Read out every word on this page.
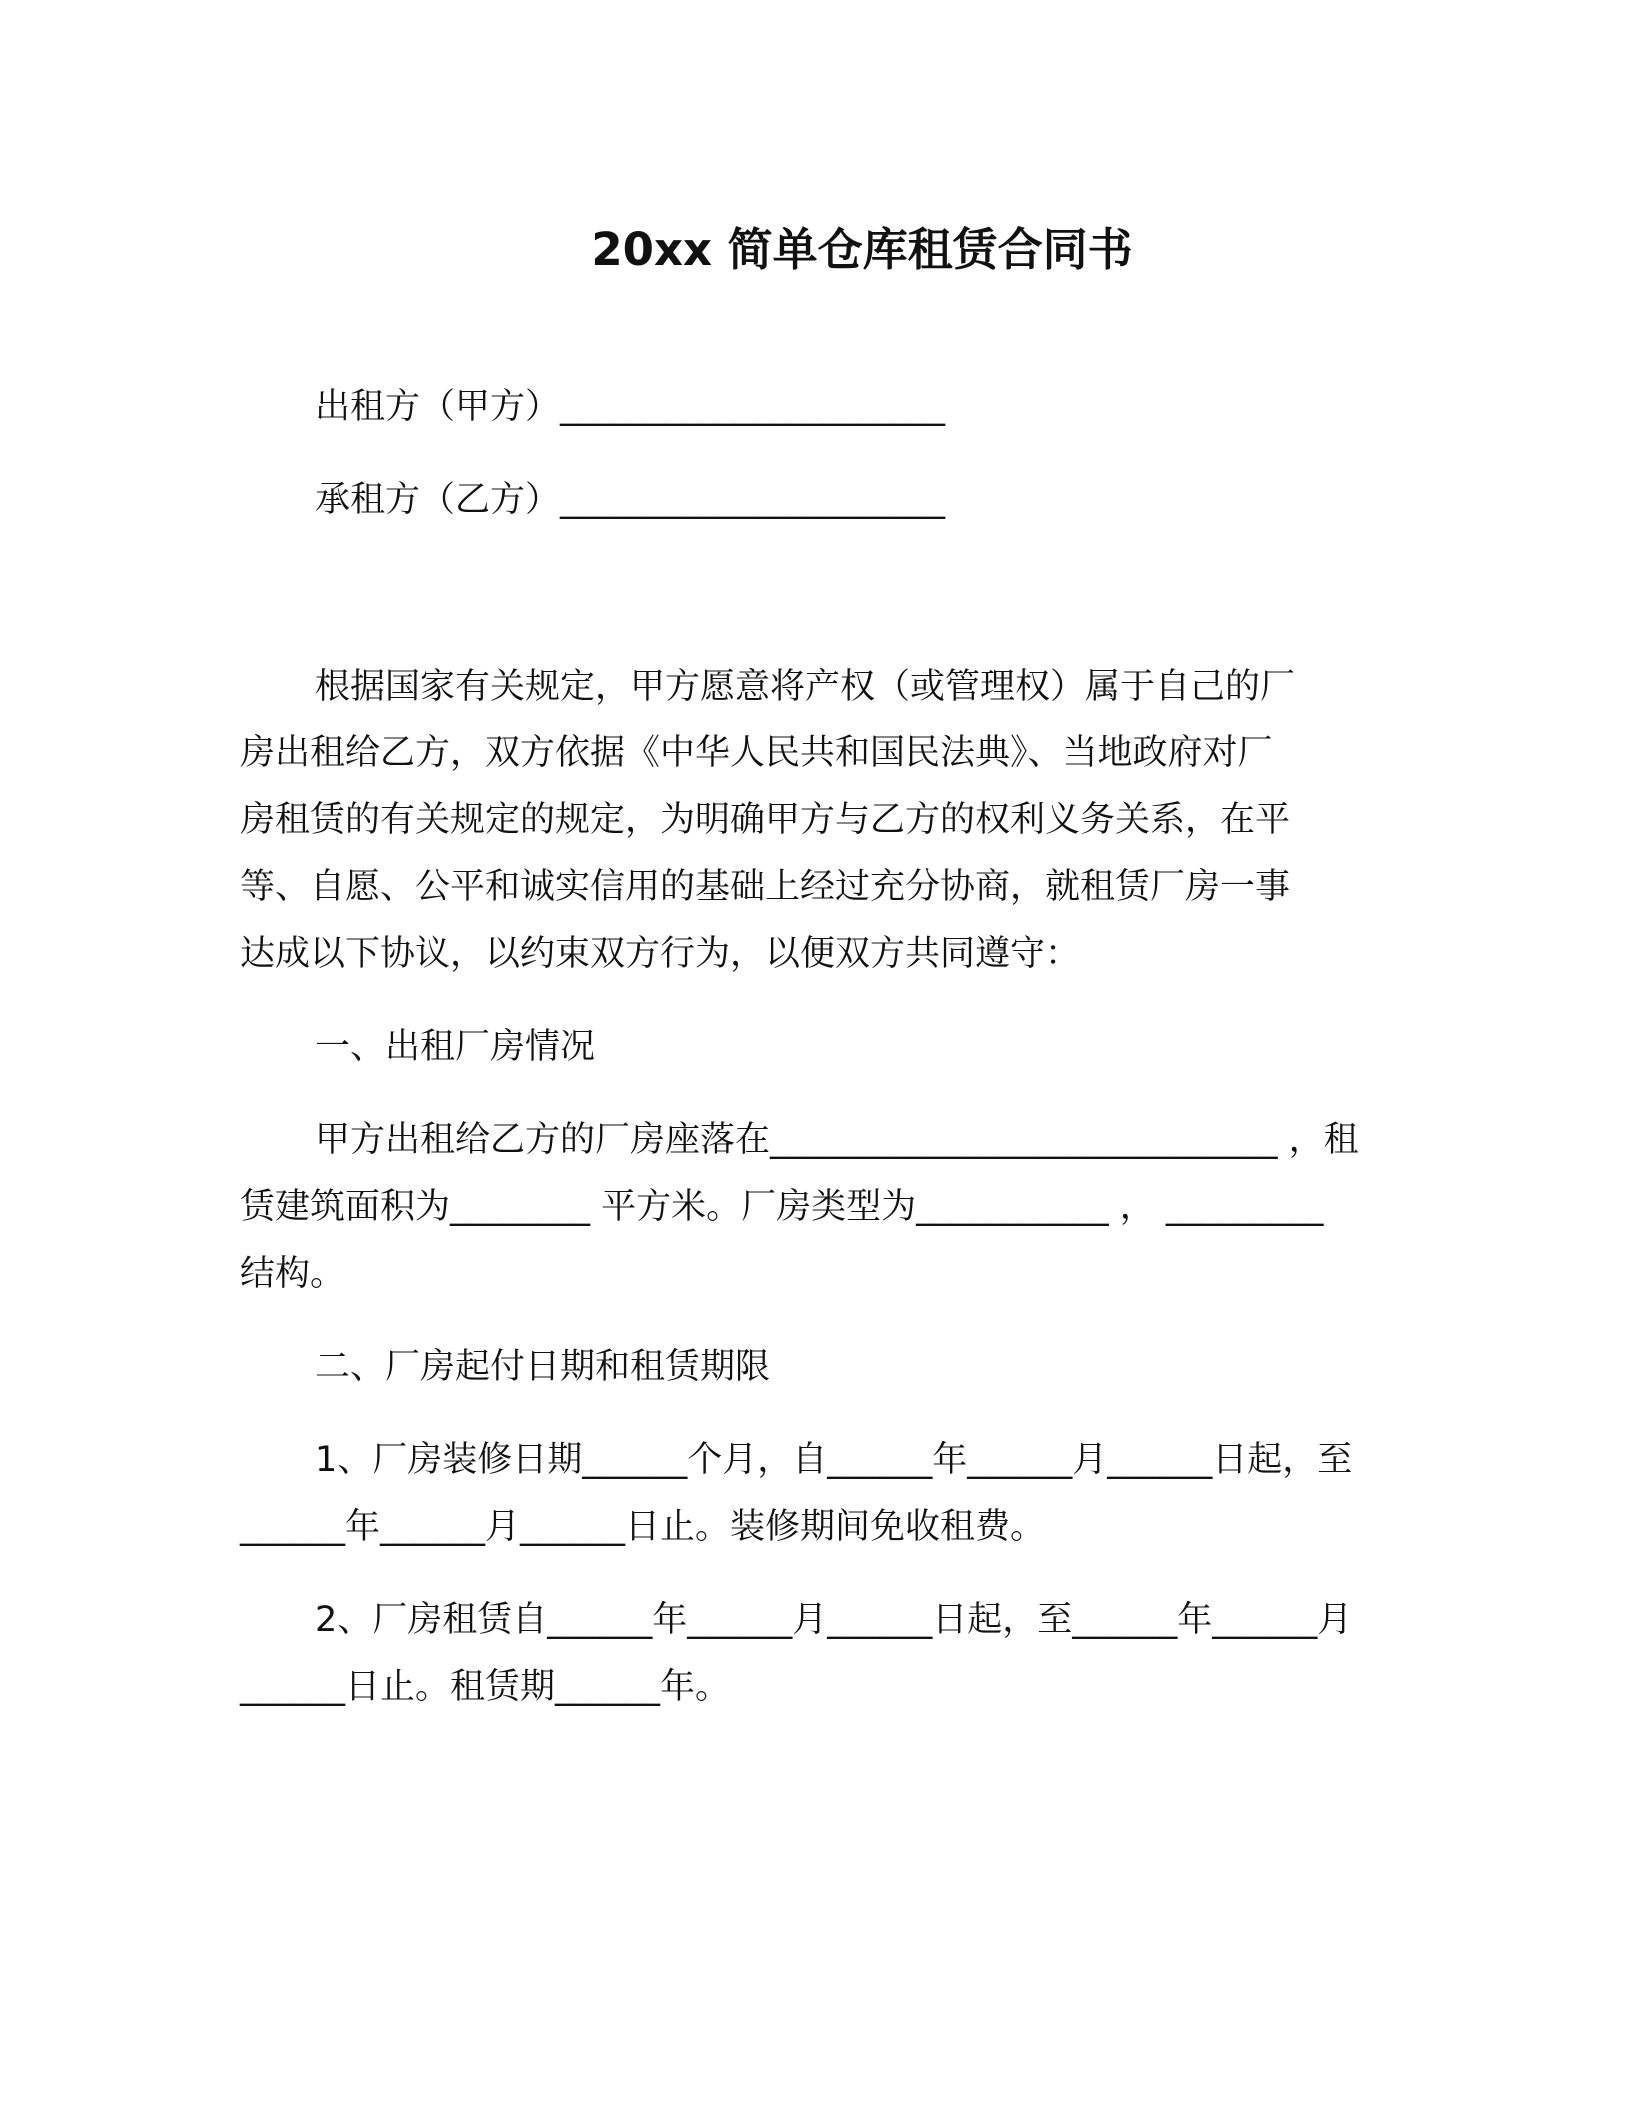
20xx 简单仓库租赁合同书
出租方（甲方）______________________
承租方（乙方）______________________
根据国家有关规定，甲方愿意将产权（或管理权）属于自己的厂
房出租给乙方，双方依据《中华人民共和国民法典》、当地政府对厂
房租赁的有关规定的规定，为明确甲方与乙方的权利义务关系，在平
等、自愿、公平和诚实信用的基础上经过充分协商，就租赁厂房一事
达成以下协议，以约束双方行为，以便双方共同遵守：
一、出租厂房情况
甲方出租给乙方的厂房座落在_____________________________ ，租
赁建筑面积为________ 平方米。厂房类型为___________ ， _________
结构。
二、厂房起付日期和租赁期限
1、厂房装修日期______个月，自______年______月______日起，至
______年______月______日止。装修期间免收租费。
2、厂房租赁自______年______月______日起，至______年______月
______日止。租赁期______年。
